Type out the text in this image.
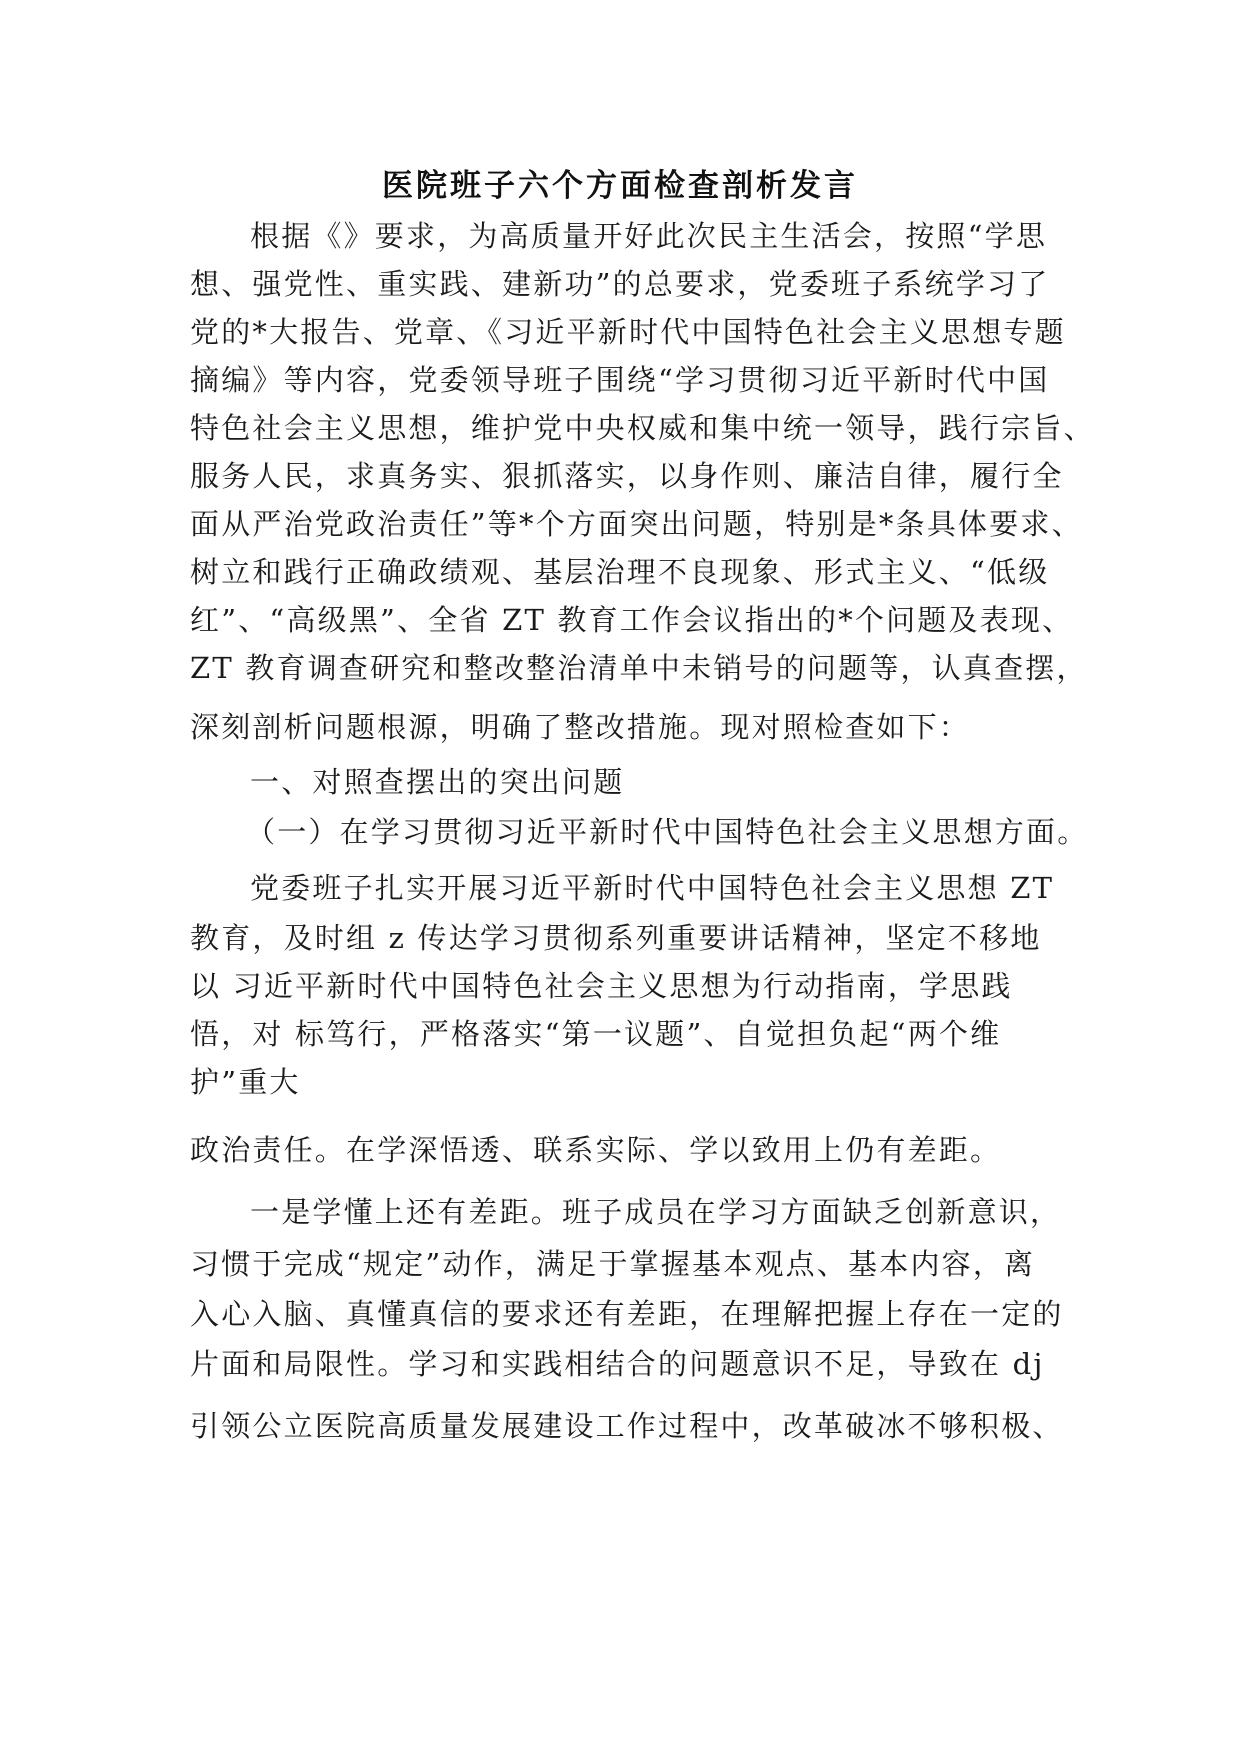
医院班子六个方面检查剖析发言
根据《》要求，为高质量开好此次民主生活会，按照“学思
想、强党性、重实践、建新功”的总要求，党委班子系统学习了
党的*大报告、党章、《习近平新时代中国特色社会主义思想专题
摘编》等内容，党委领导班子围绕“学习贯彻习近平新时代中国
特色社会主义思想，维护党中央权威和集中统一领导，践行宗旨、
服务人民，求真务实、狠抓落实，以身作则、廉洁自律，履行全
面从严治党政治责任”等*个方面突出问题，特别是*条具体要求、
树立和践行正确政绩观、基层治理不良现象、形式主义、“低级
红”、“高级黑”、全省 ZT 教育工作会议指出的*个问题及表现、
ZT 教育调查研究和整改整治清单中未销号的问题等，认真查摆，
深刻剖析问题根源，明确了整改措施。现对照检查如下：
一、对照查摆出的突出问题
（一）在学习贯彻习近平新时代中国特色社会主义思想方面。
党委班子扎实开展习近平新时代中国特色社会主义思想 ZT
教育，及时组 z 传达学习贯彻系列重要讲话精神，坚定不移地
以 习近平新时代中国特色社会主义思想为行动指南，学思践
悟，对 标笃行，严格落实“第一议题”、自觉担负起“两个维
护”重大
政治责任。在学深悟透、联系实际、学以致用上仍有差距。
一是学懂上还有差距。班子成员在学习方面缺乏创新意识，
习惯于完成“规定”动作，满足于掌握基本观点、基本内容，离
入心入脑、真懂真信的要求还有差距，在理解把握上存在一定的
片面和局限性。学习和实践相结合的问题意识不足，导致在 dj
引领公立医院高质量发展建设工作过程中，改革破冰不够积极、
